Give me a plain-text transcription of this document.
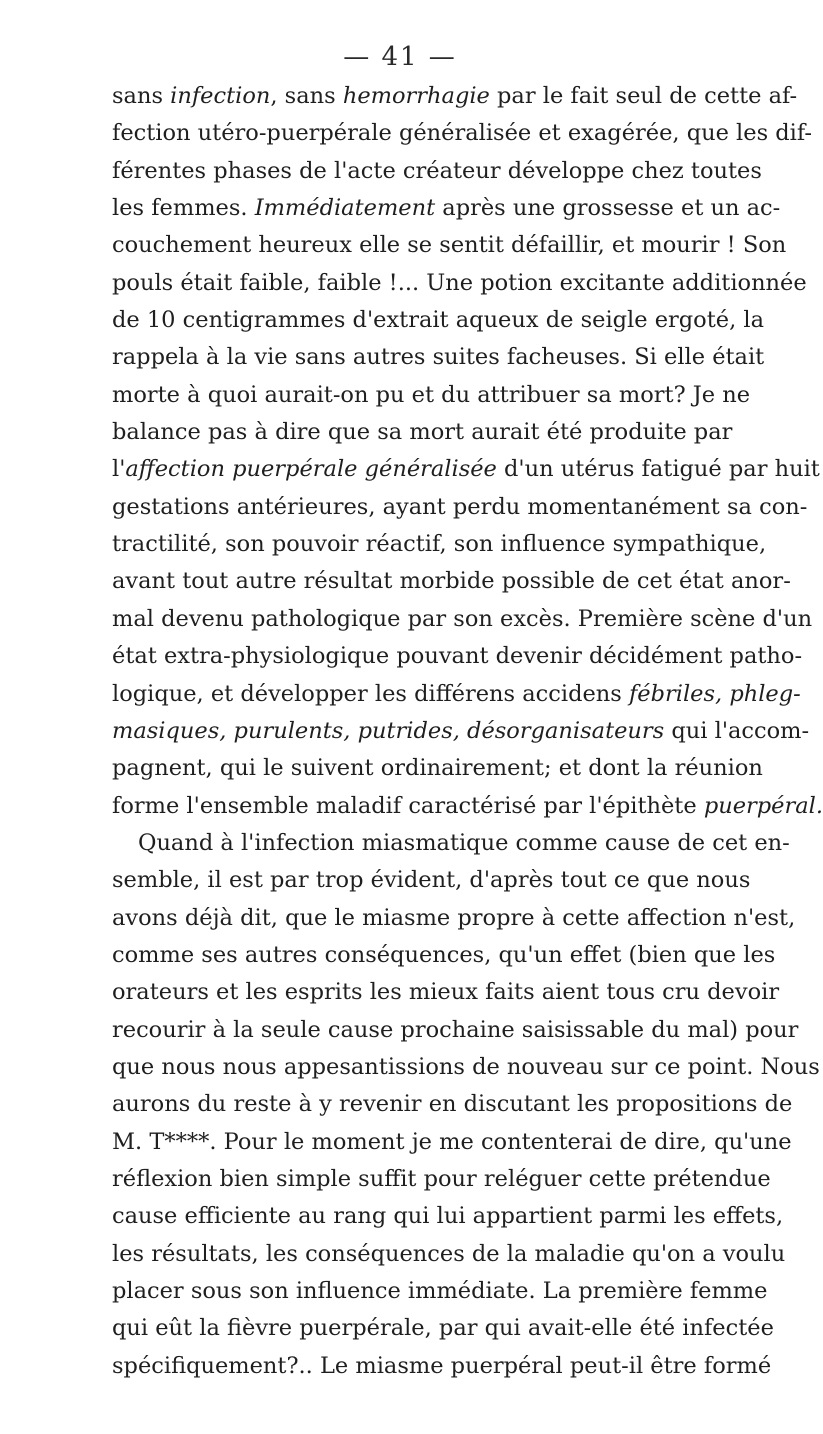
— 41 —
sans infection, sans hemorrhagie par le fait seul de cette af-
fection utéro-puerpérale généralisée et exagérée, que les dif-
férentes phases de l'acte créateur développe chez toutes
les femmes. Immédiatement après une grossesse et un ac-
couchement heureux elle se sentit défaillir, et mourir ! Son
pouls était faible, faible !... Une potion excitante additionnée
de 10 centigrammes d'extrait aqueux de seigle ergoté, la
rappela à la vie sans autres suites facheuses. Si elle était
morte à quoi aurait-on pu et du attribuer sa mort? Je ne
balance pas à dire que sa mort aurait été produite par
l'affection puerpérale généralisée d'un utérus fatigué par huit
gestations antérieures, ayant perdu momentanément sa con-
tractilité, son pouvoir réactif, son influence sympathique,
avant tout autre résultat morbide possible de cet état anor-
mal devenu pathologique par son excès. Première scène d'un
état extra-physiologique pouvant devenir décidément patho-
logique, et développer les différens accidens fébriles, phleg-
masiques, purulents, putrides, désorganisateurs qui l'accom-
pagnent, qui le suivent ordinairement; et dont la réunion
forme l'ensemble maladif caractérisé par l'épithète puerpéral.
Quand à l'infection miasmatique comme cause de cet en-
semble, il est par trop évident, d'après tout ce que nous
avons déjà dit, que le miasme propre à cette affection n'est,
comme ses autres conséquences, qu'un effet (bien que les
orateurs et les esprits les mieux faits aient tous cru devoir
recourir à la seule cause prochaine saisissable du mal) pour
que nous nous appesantissions de nouveau sur ce point. Nous
aurons du reste à y revenir en discutant les propositions de
M. T****. Pour le moment je me contenterai de dire, qu'une
réflexion bien simple suffit pour reléguer cette prétendue
cause efficiente au rang qui lui appartient parmi les effets,
les résultats, les conséquences de la maladie qu'on a voulu
placer sous son influence immédiate. La première femme
qui eût la fièvre puerpérale, par qui avait-elle été infectée
spécifiquement?.. Le miasme puerpéral peut-il être formé
